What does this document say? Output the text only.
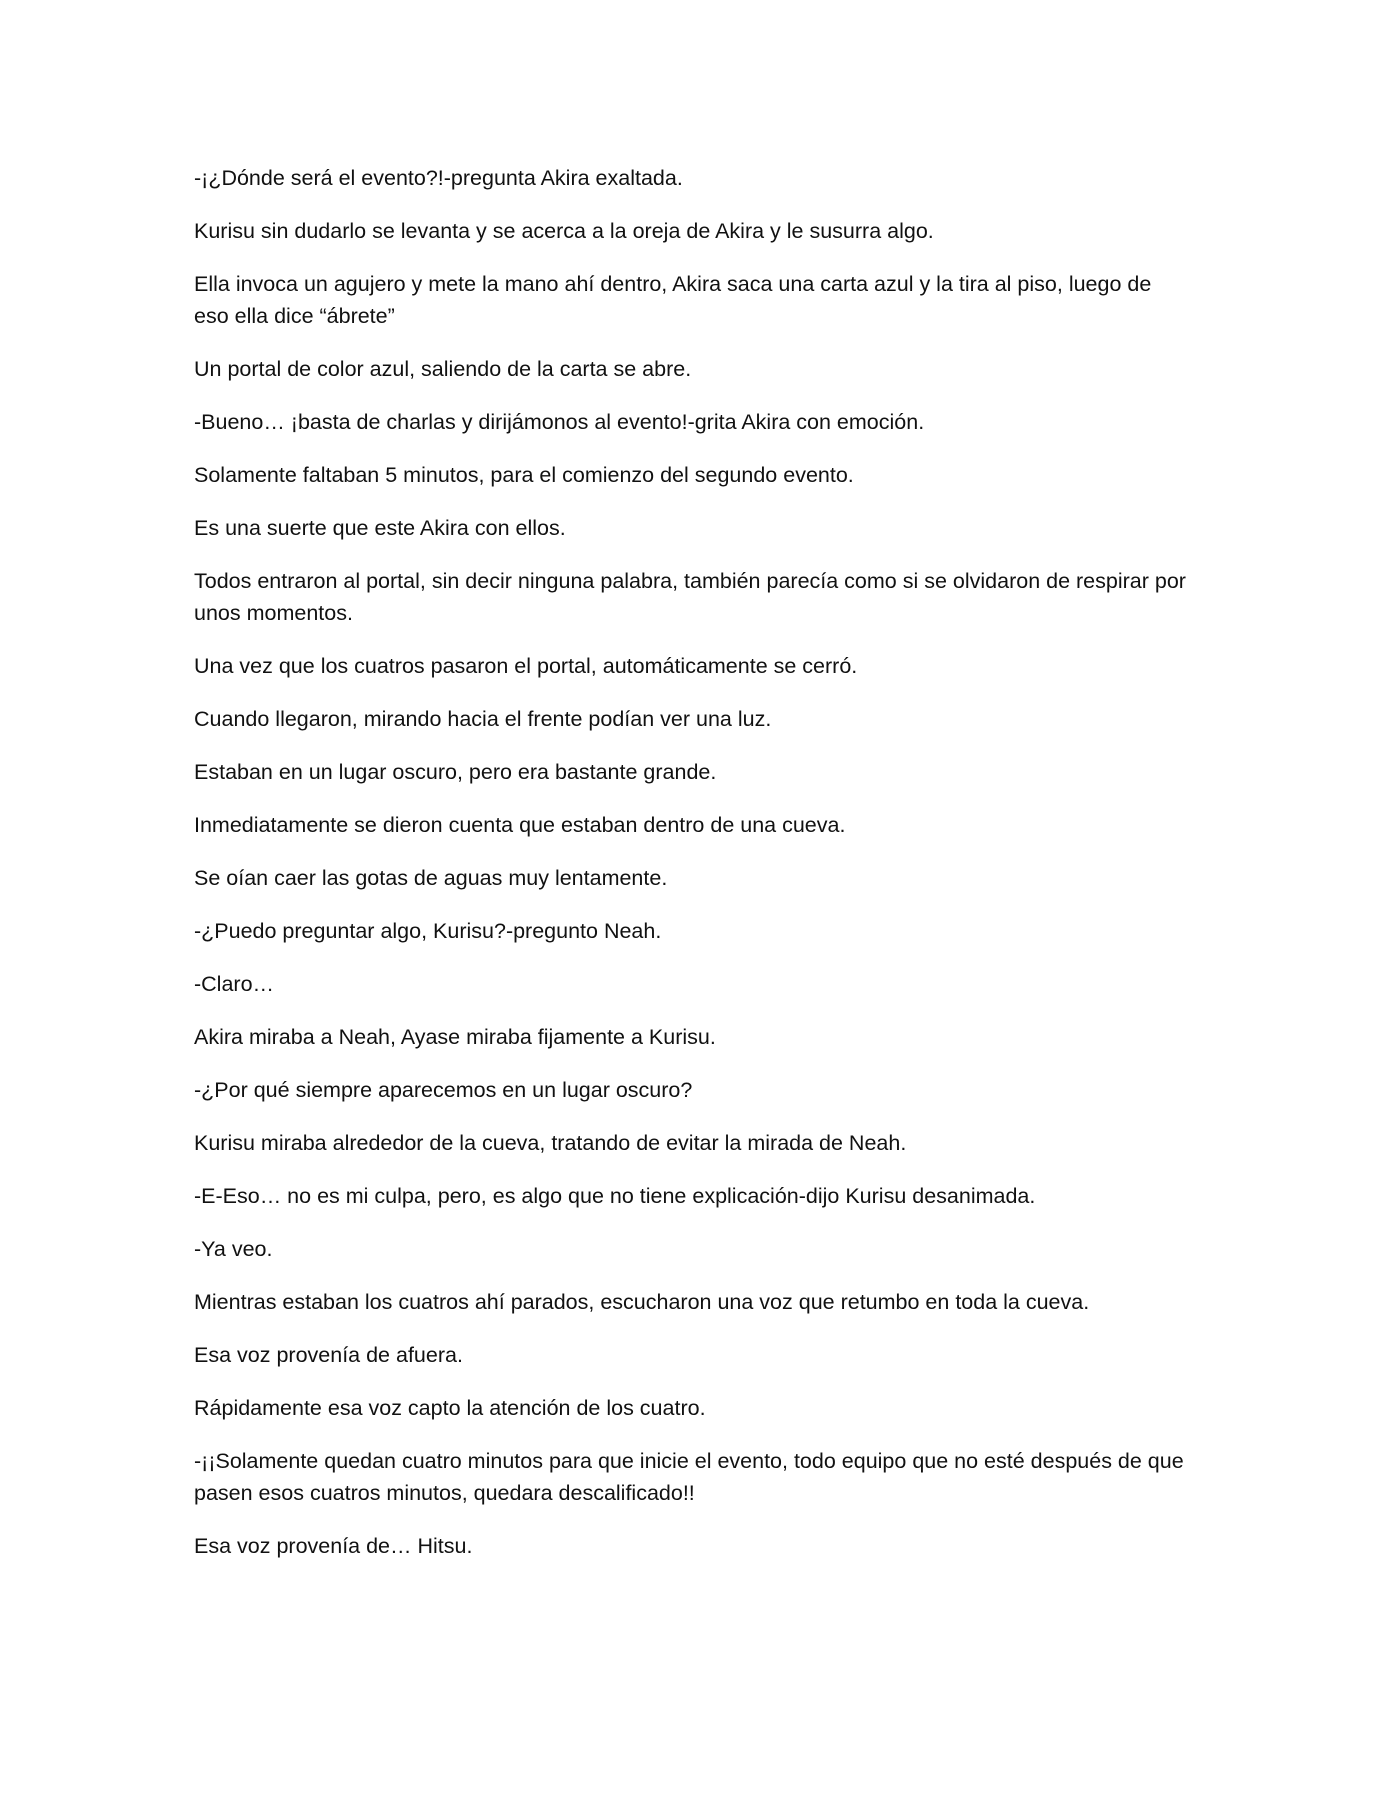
-¡¿Dónde será el evento?!-pregunta Akira exaltada.

Kurisu sin dudarlo se levanta y se acerca a la oreja de Akira y le susurra algo.

Ella invoca un agujero y mete la mano ahí dentro, Akira saca una carta azul y la tira al piso, luego de eso ella dice “ábrete”

Un portal de color azul, saliendo de la carta se abre.

-Bueno… ¡basta de charlas y dirijámonos al evento!-grita Akira con emoción.

Solamente faltaban 5 minutos, para el comienzo del segundo evento.

Es una suerte que este Akira con ellos.

Todos entraron al portal, sin decir ninguna palabra, también parecía como si se olvidaron de respirar por unos momentos.

Una vez que los cuatros pasaron el portal, automáticamente se cerró.

Cuando llegaron, mirando hacia el frente podían ver una luz.

Estaban en un lugar oscuro, pero era bastante grande.

Inmediatamente se dieron cuenta que estaban dentro de una cueva.

Se oían caer las gotas de aguas muy lentamente.

-¿Puedo preguntar algo, Kurisu?-pregunto Neah.

-Claro…

Akira miraba a Neah, Ayase miraba fijamente a Kurisu.

-¿Por qué siempre aparecemos en un lugar oscuro?

Kurisu miraba alrededor de la cueva, tratando de evitar la mirada de Neah.

-E-Eso… no es mi culpa, pero, es algo que no tiene explicación-dijo Kurisu desanimada.

-Ya veo.

Mientras estaban los cuatros ahí parados, escucharon una voz que retumbo en toda la cueva.

Esa voz provenía de afuera.

Rápidamente esa voz capto la atención de los cuatro.

-¡¡Solamente quedan cuatro minutos para que inicie el evento, todo equipo que no esté después de que pasen esos cuatros minutos, quedara descalificado!!

Esa voz provenía de… Hitsu.
